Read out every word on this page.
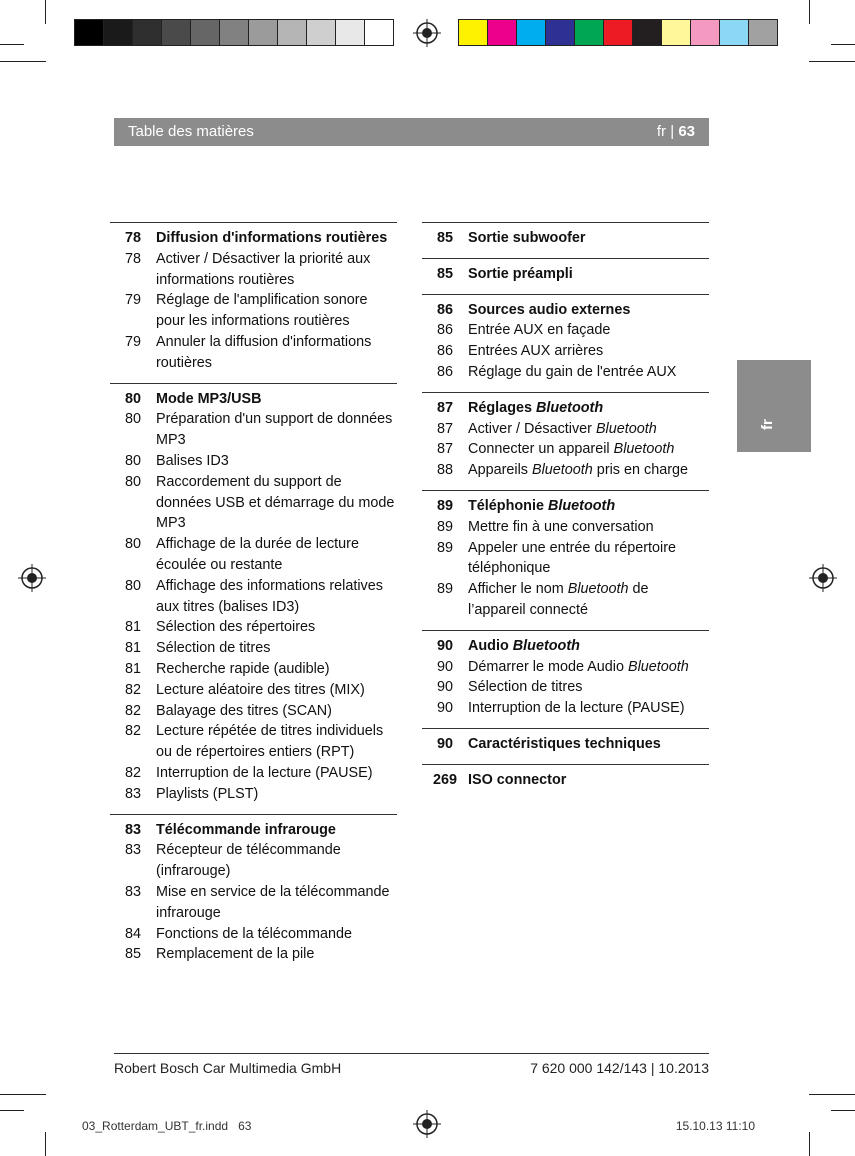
Table des matières	fr | 63
fr
78	Diffusion d'informations routières
78	Activer / Désactiver la priorité aux informations routières
79	Réglage de l'amplification sonore pour les informations routières
79	Annuler la diffusion d'informations routières
80	Mode MP3/USB
80	Préparation d'un support de données MP3
80	Balises ID3
80	Raccordement du support de données USB et démarrage du mode MP3
80	Affichage de la durée de lecture écoulée ou restante
80	Affichage des informations relatives aux titres (balises ID3)
81	Sélection des répertoires
81	Sélection de titres
81	Recherche rapide (audible)
82	Lecture aléatoire des titres (MIX)
82	Balayage des titres (SCAN)
82	Lecture répétée de titres individuels ou de répertoires entiers (RPT)
82	Interruption de la lecture (PAUSE)
83	Playlists (PLST)
83	Télécommande infrarouge
83	Récepteur de télécommande (infrarouge)
83	Mise en service de la télécommande infrarouge
84	Fonctions de la télécommande
85	Remplacement de la pile
85	Sortie subwoofer
85	Sortie préampli
86	Sources audio externes
86	Entrée AUX en façade
86	Entrées AUX arrières
86	Réglage du gain de l'entrée AUX
87	Réglages Bluetooth
87	Activer / Désactiver Bluetooth
87	Connecter un appareil Bluetooth
88	Appareils Bluetooth pris en charge
89	Téléphonie Bluetooth
89	Mettre fin à une conversation
89	Appeler une entrée du répertoire téléphonique
89	Afficher le nom Bluetooth de l’appareil connecté
90	Audio Bluetooth
90	Démarrer le mode Audio Bluetooth
90	Sélection de titres
90	Interruption de la lecture (PAUSE)
90	Caractéristiques techniques
269 ISO connector
Robert Bosch Car Multimedia GmbH	7 620 000 142/143 | 10.2013
03_Rotterdam_UBT_fr.indd 63	15.10.13 11:10
